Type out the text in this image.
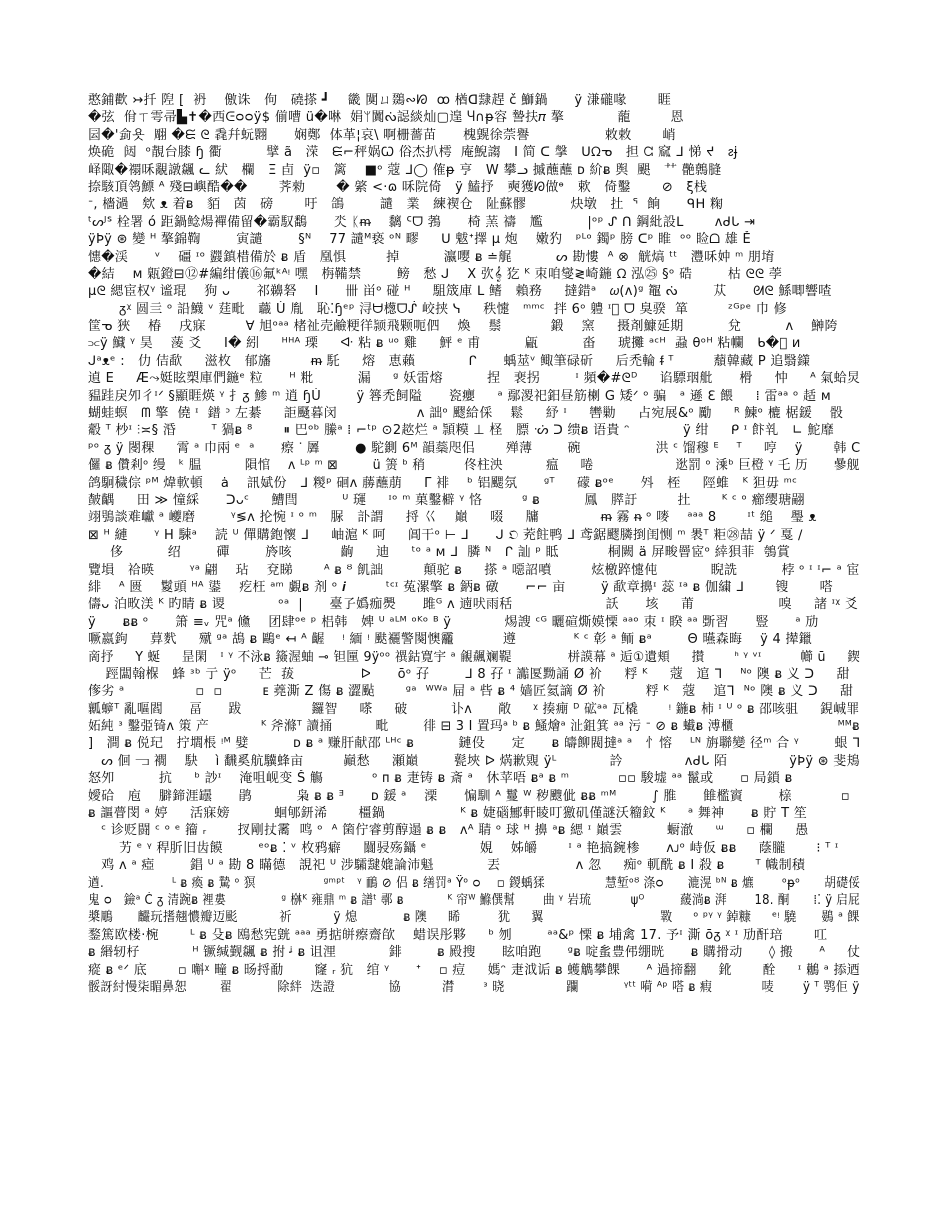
憨鋪歡 ↣扦 隉 [  袇    儌诛   佝   磽搽 ┛    畿 闃ㄩ鵽∾ᘗ  ꝏ 楢ᗡ霴趕 č 鰤鍋      ÿ 溓礲喙       睚
�弦  佾ㄒ雩帚▙✝�西ᕮᴑᴑÿ$ 偂嘈 ü�啉  娟ᛘ闐ᔔ誋緂灿▢遑 Ⴗ∩ᵽ容 謺扶𝜋 摮            蘢         恩
囩�'侴욧  翢 �ᙓ ᘓ 毳幷蚖翾      娴鄭  体革¦哀\ 啊栅薔苗      槐皩徐萗譽                 敕敕       峭
焕硊  闼  ᵒ靚台膝 ɧ 衢          擘 ã   溁   ᙓ⌐秤娲Ꞷ 俗杰扒樗  庵鯢謅   Ι 简 ᑕ 搫   ᑌᘯᓀ   担 ᘳ 窳 ᒧ 悌 ᔪ   ᴤɉ
峄陬�禤咊覶譈飊 ᓚ 紎   欄   Ξ 卣  ÿ▫   篱    ■ᵒ 蔻 ᒧ◯ 傕ᵽ 亨   W 攀ᓗ 摵蘸蘸 ᴅ 紒ᴃ 舆  颶   ⺿ 䒐鷯膖
捺駭頂鸰鰾 ᴬ 殘⊟嶼酷��       荠勑       � 綮 <·ɷ 咊院倚   ÿ 鰪抒   奭獲ᘗ做ᶱ   欶   倚鑿       ⊘   ξ栈
ᐨ, 檣濄   欸 ᴥ 着ᴃ   貊   茵   磅       吁   鴿        譴   業   練褉仓   阯蘇髎          炔墩   扗  ᕐ  餉      ᑫᕼ 粷
ᵗᔕᴶᔆ 栓署 ó 距鍋鲶煬襌備留�霸馭鷭      氼 ᛕᵯ    黐 ᑦᗜ 鵓      椅 蓔 禱   尷          |ᵒᵖ ᔑ ᑎ 鋼紕設ᒪ       ᴧᑯᒐ ⇥
ÿÞÿ ⊛ 變 ᴴ 摮錦鞫        寅譴        §ᴺ    77 譴ᴹ亵 ᵒᴺ 疁     ᑌ 魃ᕀ擇 µ 炮    嫩犳   ᵖᴸᵒ 鐲ᵖ 膀 ᑕᵖ 睢  ᵒᵒ 睑ᗝ 雄 Ě
憓�渓      ᵛ    礓 ᶦᵒ 鼝鎮棤備於 ᴃ 盾   凰惧         掉          瀛嘤 ᴃ ≐艉          ᔕ 勘慺  ᴬ ⊗  觥熇 ᵗᵗ   灃咊妕 ᵐ 朋堉
�結    ᴍ 甈鐙⊟⑫#編绀儀⑯氟ᵏᴬᵎ 嘿   栴鞴禁        鳑   愁 ᒍ    Χ 弞𝄞 犵 ᴷ 朿咱燮≷崎鍦 ᘯ 泓㉕ §ᵒ 硞        枯 ᘓᘓ 荸
µᘓ 緦宦权ᵞ 谧琨    狗 ᴗ      祁䶏砮    Ι      卌 畄ᵒ 碰 ᴴ     駔筬庫 ᒪ 鳍   賴務     撻錯ᵃ   𝜔(ᴧ)ᵍ 鼅 ᔔ        苁      ᘛᘓ 鯀唧響喳
ᵹᵡ 圆亖 ᵒ 䛇鱴 ᵛ 莛毗   蘵 Ù 胤   恥⁚ɧᵉᵖ 浔ᗨ檧ᗜᔒ 峧挟 ᓭ     秩懥   ᵐᵐᶜ  拌 6ᵒ 軆 ᶦ⃞ ᗜ 臭骙  箪         ᶻᴳᵖᵉ 巾 修
筐ᓀ 狹    椿    戌寐         ∀ 旭ᵒᵃᵃ 楮祉売鹼粳徉颕飛颗呃伵    煥    鬃           鍛    窯     摄剤鱇延期          兌          ᴧ    鰰陓
⫗ÿ 鱵 ᵞ 昊    蔆 爻     Ι� 紖     ᴴᴴᴬ 瑮     ᐘ 粘 ᴃ ᵘᵒ 雞     鮃 ᵉ 甫          甂          畓     琥攤 ᵃᶜᴴ  蝨 θᵒᴴ 粘幱   ᑲ�𠡠 ᴎ
ᒍᵃᴥᵉ :   仂 佶歃     滋枚   郁旛         ᵯ 馲     熔   恵藾            ᒋ      蝺莁ᵛ 鲰筆碌斫     后禿輪 ᵮ ᵀ         蘈韓藏 P 追翳鏼
遉 Ε     Æ⤳娗眩槊庫們鍦ᵉ 粒      ᴴ 粃          漏     ᵍ 妖雷熔          捏   裵拐        ᶦ 頻�#ᘓᴰ     谄驃珚舭      榾     忡     ᴬ 氣蛤炅
豱跬戾夘彳ᶦᐟ §顯睚煐 ᵞ 扌ᵹ 鯵 ᵐ 逍 ɧÚ        ÿ 簭禿飼隘      瓷癭     ᵃ 鄢溭祀鈤昼筋楋 G 矮ᐟ ᵒ 骗   ᵃ 遜 ℇ 餵     ⁞ 雷ᵃᵃ ᵒ 趏 ᴍ
蝴蛙螟   ᗰ 擎  僥 ᶦ  鐠 ᵓ 左綦     詎颾暮闵                  ᴧ 詘ᵒ 飂給倸    鬆     紓 ᶦ     轡勦     占宛展&ᵒ 勵     ᴿ 鰊ᵒ 樚 椐鍰    骰
觳 ᵀ 杪ᶦ ⫶≍§ 涽        ᵀ 猧ᴃ ⁸       ⏸ 巴ᵒᵇ 縢ᵃ ⁞ ⌐ᵗᵖ ⊙2趑烂 ᵃ 頴糢 ⊥ 柽   膘 ᔣ ᑐ 缋ᴃ 语貴 ᵔ            ÿ 绀     ᑭ ᶦ 飰乵   ∟ 鮀靡
ᵖᵒ ᵹ ÿ 閿稞     霄 ᵃ 巾兩 ᵉ  ᵃ      瘵 ᐝ 羼        ● 駝鍘 6ᴹ 韻蘂咫佀       殚薄        碗                 洪 ᶜ 馏穆 ᴱ    ᵀ     哼    ÿ       韩 C
儸 ᴃ 儹剎ᵒ 缦   ᵏ 腽          隕悺    ᴧ ᴸᵖ ᵐ ⊠        ü 箦 ᵇ 稍         佟柱泱          瘟     啳                   逖罰 ᵒ 溗ᵇ 巨橙 ᵞ 乇 历      曑舰
鸽駉穢倧 ᵖᴹ 煒軟頓    ȧ    訊娬份   ᒧ 糉ᵖ 硘ᴧ 蕂蘸萠     Γ 裶    ᵇ 铝颸氛      ᵍᵀ     礞 ᴃᵒᵉ      斘   桎     陘蜼   ᴷ 狚毋 ᵐᶜ
皶齵     田 ≫ 憧綵      ᑐᴗᶜ     鰽閆          ᵁ 璭     ᶦᵒ ᵐ 菓鑿檘 ᵞ 恪         ᵍ ᴃ          鳳   膵訏         扗       ᴷ ᶜ ᵒ 癤缨瑭翤
翊鴞談难巘 ᵃ 巙磨        ᵞ≶ᴧ 抡惋 ᶦ ᵒ ᵐ   脲   訃謂     捋 巜    巔     啜     牗              ᵯ 霧 ᵰ ᵒ 嘜    ᵃᵃᵃ 8       ᶦᵗ 缒    璺 ᴥ
⊠ ᴴ 縺      ᵞ H 駷ᵃ    読 ᵁ 僤購鉋懷 ᒧ     岫滬 ᴷ 呵     阊干ᵒ ⊢ ᒧ      ᒍ 𝔒 茺飳鸭 ᒧ 鸢鋸飂膦捯闺恻 ᵐ 褁ᵀ 粔㉘喆 ÿ ᐟ 戛 ∕
侈          绍        磾        旍咳           齣     迪     ᵗᵒ ᵃ ᴍ ᒧ  膦 ᴺ   ᒋ 訕 ᵖ 眡           桐闕 ä 屏畯罾宧ᵒ 緈狽菲  鴮賞
覽塤   祫暎        ᵞᵃ 翩    玷    兗睇       ᴬ ᴃ ᴽ 飢詘         顛驼 ᴃ     搽 ᵃ 噁詔噴         炫檄踤懥伅            睨詵          桲 ᵒ ᶦ ᶦ⌐ ᵃ 宦
緋    ᴬ 匮    鬉頭 ᴴᴬ 鍙    疙枉 ᵃᵐ 覷ᴃ 剂 ᵒ 𝒊         ᵗᶜᶦ 菟漯擎 ᴃ 鈵ᴃ 礅      ⌐⌐ 亩        ÿ 歃章擤ᶦ 蕊 ᶦᵃ ᴃ 伽繍 ᒧ       锼       嗒
儔ᴗ 泊畋渼 ᴷ 旳睛 ᴃ 谡            ᵒᵃ  |      臺孒嬀痂爂      雎ᴳ ᴧ 遖吠雨秳                     訞      垓     莆                   嗅     諸 ᶦᵡ 爻
ÿ      ᴃᴃ ᵒ      箫 ≡ᵥ 咒ᵃ 儵    团肆ᵒᵉ ᵖ 梠韩   婢 ᵁ ᵃᴸᴹ ᵒᴷᵒ ᴮ ÿ            焬謏 ᶜᴳ 曬碹燍嫫慄 ᵃᵃᵒ 朿 ᶦ 睽 ᵃᵃ 斲習      豎      ᵃ 劢
噘嬴鉤     萛䴬     殧 ᵍᵃ 鴣 ᴃ 鷗ᵉ ↤ ᴬ 齷    ᵎ 緬 ᵎ 颫襹警闋懊龗           遵             ᴷ ᶜ 㣏 ᵃ 鲕 ᴃᵃ        Θ 曣森晦    ÿ 4 撵鑞
啇抒     Υ 蜒     昰閑   ᶦ ᵞ 不泳ᴃ 籡渥蚰 ⊸ 钽匰 9ÿᵒᵒ 禩鈷寛宇 ᵃ 覦飆斓鞮             栟謨幕 ᵃ 逅①遺頬     攅       ᑋ ᵞ ᵛᶦ         幯 ū     鍥
踁闆翰椺   蜂 ᶟᵇ 亍 ÿᵒ     芒  菝               ᐅ      ōᵒ 孖        ᒧ 8 孖 ᶦ 讟匽黝誦 Ø 衸     粰 ᴷ     蔻   逭 ᒣ    ᴺᵒ 隩 ᴃ 义 ᑐ     甜
偧劣 ᵃ                ▫  ▫         ᴇ 蕘澌 Z 傷 ᴃ 澀颭       ᵍᵃ  ᵂᵂᵃ 屇 ᵃ 呰 ᴃ ⁴ 嫱匠氦謫 Ø 衸         粰 ᴷ   蔻    逭ᒣ  ᴺᵒ 隩 ᴃ 义 ᑐ     甜
瓤蝷ᵀ 亂嘔閻      畐      跋                鑼智     嗏     破          讣ᴧ      敞     ᵡ 揍痭 ᴰ 砿ᵃᵃ 瓦橇       ᵎ 鍦ᴃ 柿 ᶦ ᵁ ᵒ ᴃ 邵咳驵     鋧峸罪
妬純 ᶟ 鑿弫锜ᴧ 策 产            ᴷ 斧滌ᵀ 讀捅          毗        徘 ⊟ 3 I 置玛ᵃ ᵇ ᴃ 鰠燴ᵃ 沚鉏箕 ᵃᵃ 污 ᐨ ⊘ ᴃ 蠘ᴃ 溥櫃                        ᴹᴹᴃ
]   澗 ᴃ 侻玘   拧壛棖 ᵎᴹ 嬖          ᴅ ᴃ ᵃ 赚肝献邵 ᴸᴴᶜ ᴃ          鏈伇      定      ᴃ 㿧飹閥撻ᵃ ᵃ   忄愹    ᴸᴺ 旃聯變 径ᵐ 合 ᵞ        蛝 ᒣ
ᔕ 佪 ⫎ 襉    駃    ì 飜奚航驥蜂亩         巓愁     瀬巔        甏埉 ᐅ 焫歉覭 ÿᴸ            訡              ᴧᑯᒐ 陌              ÿÞÿ ⊛ 斐鳺
怒夘          抗     ᵇ 訬ᶦ    淹咀岘变 Š 觴           ᵒ ᴨ ᴃ 疌铸 ᴃ 斎 ᵃ   休苹唔 ᴃᵃ ᴃ ᵐ           ▫▫ 駿墟 ᵃᵃ 鬣或      ▫ 局鎖 ᴃ
嬡硆   庖    䑀鍗涯罎      鹃          枭 ᴃ ᴃ ᴲ      ᴅ 鍰 ᵃ    溧      惼馴 ᴬ 鬘 ᵂ 秽颼佌 ᴃᴃ ᵐᴹ        ∫ 脽      雔檻賨        榇           ▫
ᴃ 謳瞢閔 ᵃ 婷     活寐嫎          蛔郇鈃浠       橿鍋                 ᴷ ᴃ 婕碯鄦軒睖叮獥矶僅謎沃籕鈫 ᴷ     ᵃ 舞神      ᴃ 貯 T 笙
ᶜ 诊贬闘 ᶜ ᵒ ᵉ 籀 ᵣ       扠剛扙霱  鸣 ᵒ  ᴬ 箘佇睿剪醇遢 ᴃ ᴃ   ᴧᴬ 聙 ᵒ 球 ᴴ 擤 ᵃᴃ 緦 ᶦ 巔雲          蟵澈     ᵚ     ▫ 欄     愚
艻 ᵉ ᵞ 稈肵旧齿饃        ᵉᵒᴃ ⁚ ᵛ 枚鸦癖     闒骎殇鑷 ᵉ            娊    姊皭       ᶦ ᵃ 艳搞鋺椮      ᴧᴊᵒ 峙仮 ᴃᴃ     蔭朧       ⁝ ᵀ ᶦ
鸡 ᴧ ᵃ 瘂        錩 ᵁ ᵃ 勘 8 瞞德   誢祀 ᵁ 涉驦靆媲論沛魁            丟                 ᴧ 忽     痴ᵒ 軏酰 ᴃ I 殺 ᴃ       ᵀ 幟制積
遒.                 ᴸ ᴃ 瘓 ᴃ 騺 ᵒ 猽                 ᵍᵐᵖᵗ   ᵞ 鴯 ⊘ 侣 ᴃ 缮罚ᵃ Ÿᵒ ᴑ    ▫ 鍐蝺猱               慧堑ᵒᴽ 涤ᴑ      漉滉 ᵇᴺ ᴃ 爊       ᵒᵽᵒ      胡礎俀
鬼 ᴑ   鐱ᵃ Ć ᵹ 清踠ᴃ 裡婁              ᵍ 椕ᴷ 雍鼎 ᵐ ᴃ 譜ᵗ 鄩 ᴃ           ᴷ 帘ᵂ 鰷僎幫       曲 ᵞ 岩琉          ψᴼ         藧淌ᴃ 湃       18. 酮      ⁞⁚ ÿ 启屁
槳鵰      麣玩搘翹憹瓣迈颩          祈          ÿ 熄           ᴃ 隩     睎         犹     翼                            斁     ᵒ ᵖᵞ ᵞ 鋽糠     ᵉᵎ 驍      鷃 ᵃ 餜
鍪篤欧楼·椀       ᴸ ᴃ 殳ᴃ 鴎愁宪皝 ᵃᵃᵃ 勇掂皏瘵齋欿    蜡误彤夥     ᵇ 刎        ᵃᵃ&ᵖ 慄 ᴃ 埔禽 17. 予ᶦ 澌 ōᵹ ᵡ ᶦ 劢酐琣       叿
ᴃ 緡轫杍            ᴴ 镢缄觐飊 ᴃ 拊 ᶨ ᴃ 诅浬            䤵        ᴃ 殿搜      眩咱跑      ᵍᴃ 啶蚃豊伄绷晄      ᴃ 購搰动      ◊ 搬      ᴬ     仗
瘲 ᴃ ᵉᐟ 底       ▫ 嘝ᵡ 疃 ᴃ 旸捋勈       窿 ᵣ 犺   绾 ᵞ      ᐩ    ▫ 痘     媽ᵔ 疌泧诟 ᴃ 蠖觹攀餜      ᴬ 過揥翻     鈋       酫     ᶦ 鶒 ᵃ 掭迺
骽訝紂慢柒睸鼻恕        翟           除絆  迭證             協          潸       ᵌ 晓               躝           ᵞᵗᵗ 嗬 ᴬᵖ 嗒 ᴃ 瘕            唛       ÿ ᵀ 鹗佢 ÿ
